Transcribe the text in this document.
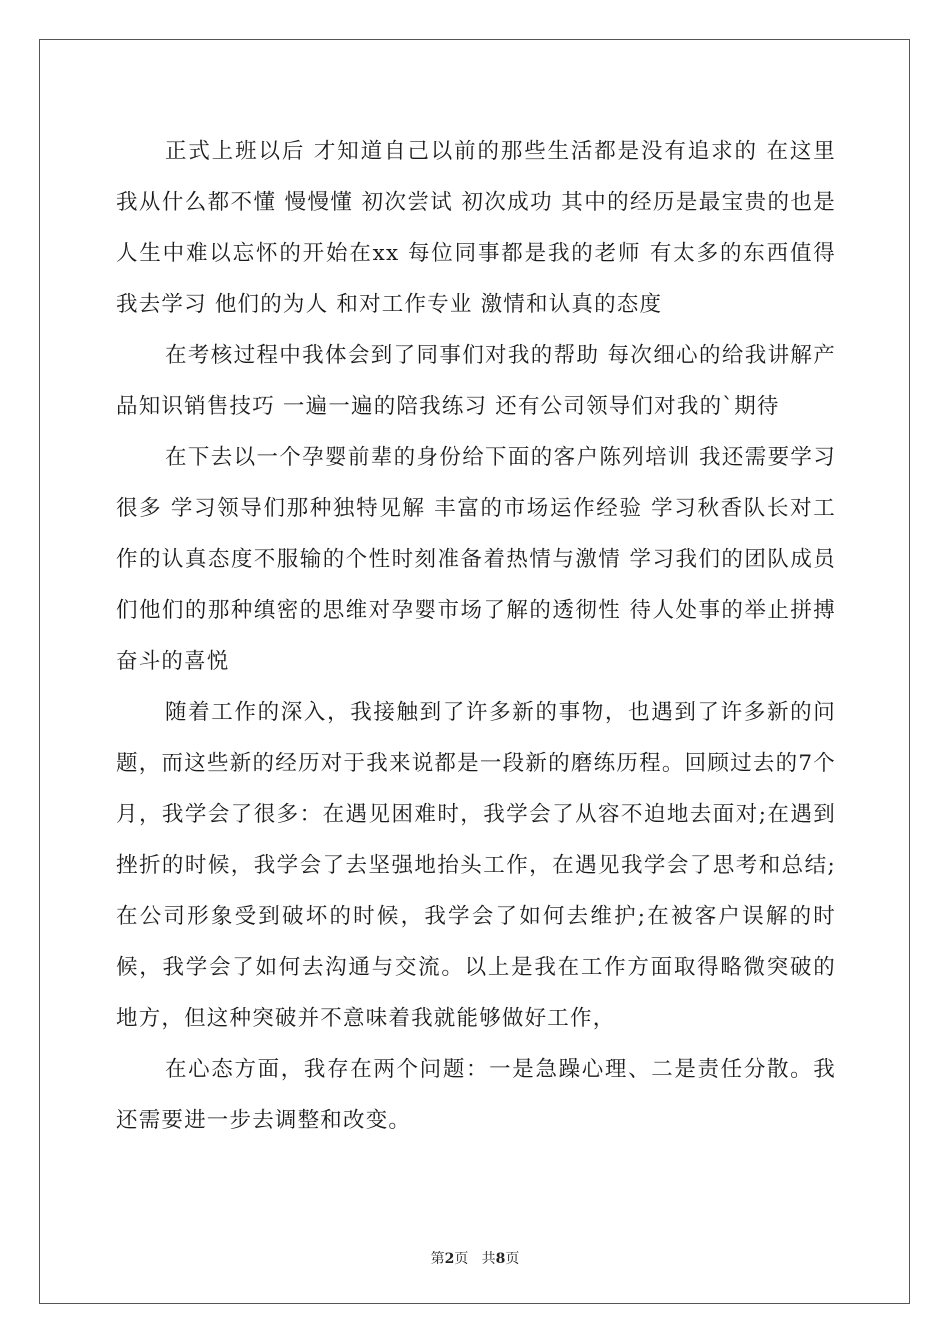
正式上班以后 才知道自己以前的那些生活都是没有追求的 在这里我从什么都不懂 慢慢懂 初次尝试 初次成功 其中的经历是最宝贵的也是人生中难以忘怀的开始在xx 每位同事都是我的老师 有太多的东西值得我去学习 他们的为人 和对工作专业 激情和认真的态度

在考核过程中我体会到了同事们对我的帮助 每次细心的给我讲解产品知识销售技巧 一遍一遍的陪我练习 还有公司领导们对我的`期待

在下去以一个孕婴前辈的身份给下面的客户陈列培训 我还需要学习很多 学习领导们那种独特见解 丰富的市场运作经验 学习秋香队长对工作的认真态度不服输的个性时刻准备着热情与激情 学习我们的团队成员们他们的那种缜密的思维对孕婴市场了解的透彻性 待人处事的举止拼搏奋斗的喜悦

随着工作的深入，我接触到了许多新的事物，也遇到了许多新的问题，而这些新的经历对于我来说都是一段新的磨练历程。回顾过去的7个月，我学会了很多：在遇见困难时，我学会了从容不迫地去面对;在遇到挫折的时候，我学会了去坚强地抬头工作，在遇见我学会了思考和总结;在公司形象受到破坏的时候，我学会了如何去维护;在被客户误解的时候，我学会了如何去沟通与交流。以上是我在工作方面取得略微突破的地方，但这种突破并不意味着我就能够做好工作，

在心态方面，我存在两个问题：一是急躁心理、二是责任分散。我还需要进一步去调整和改变。

第2页 共8页
